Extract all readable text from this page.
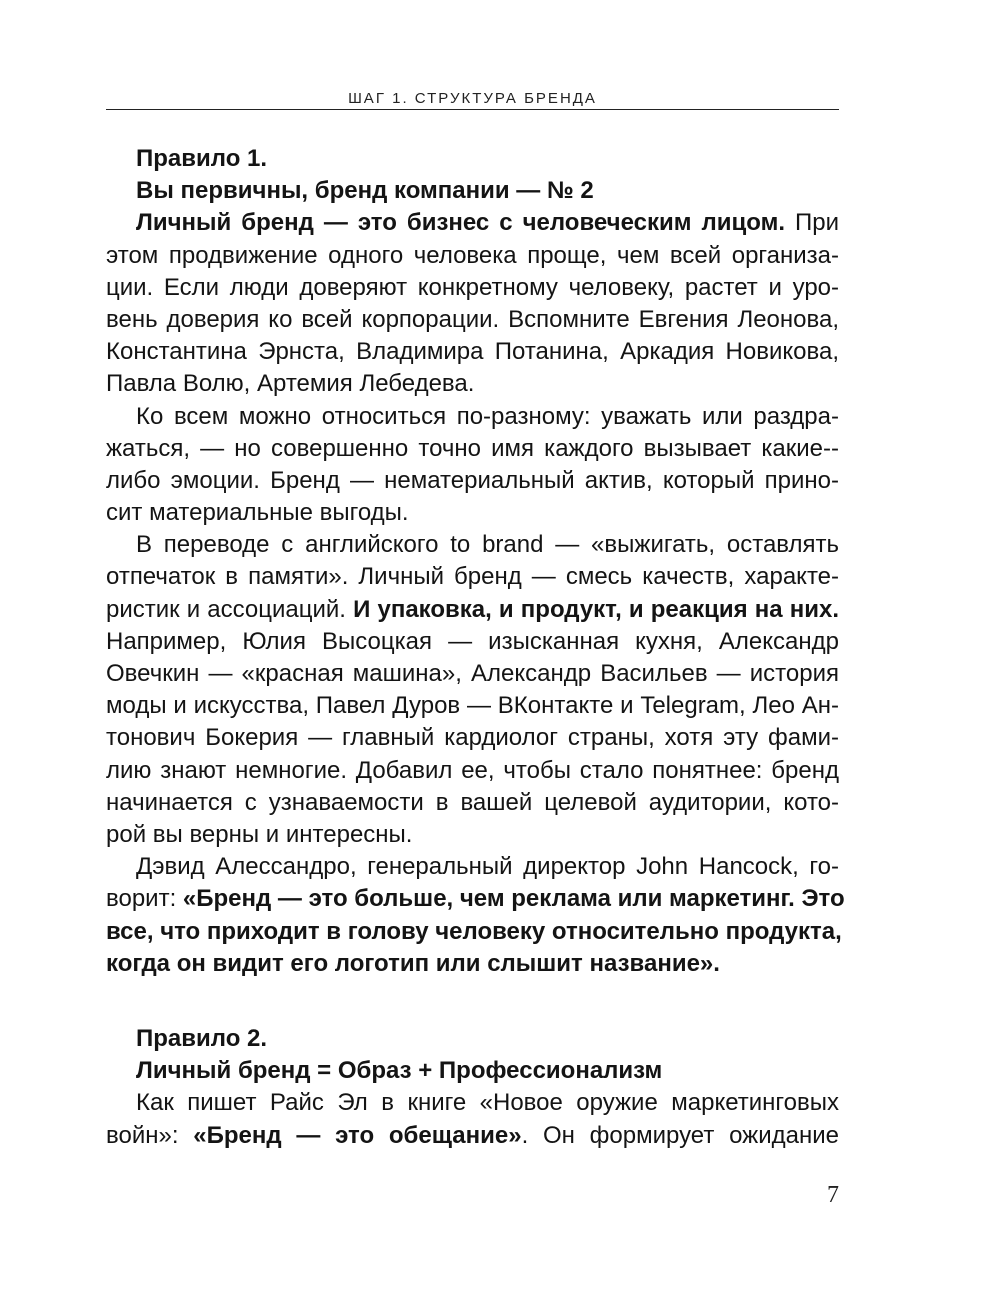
ШАГ 1. СТРУКТУРА БРЕНДА
Правило 1.
Вы первичны, бренд компании — № 2
Личный бренд — это бизнес с человеческим лицом. При
этом продвижение одного человека проще, чем всей организа-
ции. Если люди доверяют конкретному человеку, растет и уро-
вень доверия ко всей корпорации. Вспомните Евгения Леонова,
Константина Эрнста, Владимира Потанина, Аркадия Новикова,
Павла Волю, Артемия Лебедева.
Ко всем можно относиться по-разному: уважать или раздра-
жаться, — но совершенно точно имя каждого вызывает какие--
либо эмоции. Бренд — нематериальный актив, который прино-
сит материальные выгоды.
В переводе с английского to brand — «выжигать, оставлять
отпечаток в памяти». Личный бренд — смесь качеств, характе-
ристик и ассоциаций. И упаковка, и продукт, и реакция на них.
Например, Юлия Высоцкая — изысканная кухня, Александр
Овечкин — «красная машина», Александр Васильев — история
моды и искусства, Павел Дуров — ВКонтакте и Telegram, Лео Ан-
тонович Бокерия — главный кардиолог страны, хотя эту фами-
лию знают немногие. Добавил ее, чтобы стало понятнее: бренд
начинается с узнаваемости в вашей целевой аудитории, кото-
рой вы верны и интересны.
Дэвид Алессандро, генеральный директор John Hancock, го-
ворит: «Бренд — это больше, чем реклама или маркетинг. Это
все, что приходит в голову человеку относительно продукта,
когда он видит его логотип или слышит название».
Правило 2.
Личный бренд = Образ + Профессионализм
Как пишет Райс Эл в книге «Новое оружие маркетинговых
войн»: «Бренд — это обещание». Он формирует ожидание
7
